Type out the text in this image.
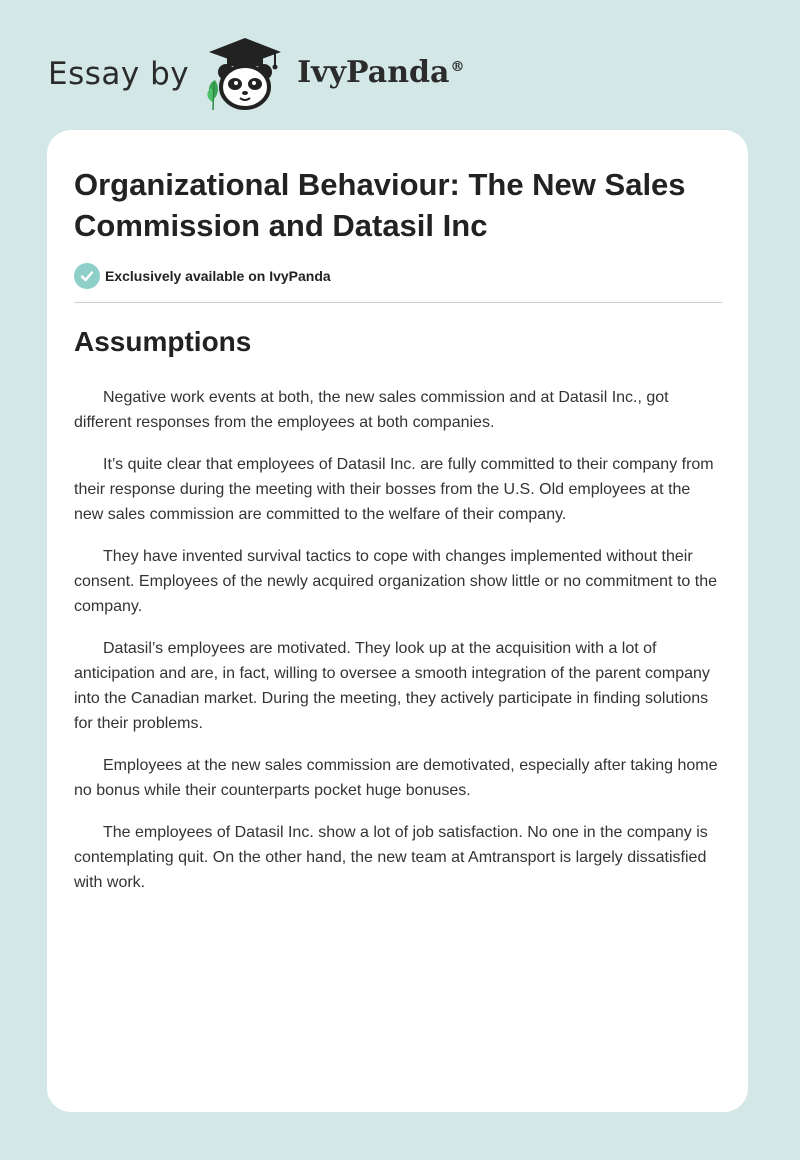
Essay by	IvyPanda®
Organizational Behaviour: The New Sales Commission and Datasil Inc
Exclusively available on IvyPanda
Assumptions

Negative work events at both, the new sales commission and at Datasil Inc., got different responses from the employees at both companies.

It’s quite clear that employees of Datasil Inc. are fully committed to their company from their response during the meeting with their bosses from the U.S. Old employees at the new sales commission are committed to the welfare of their company.

They have invented survival tactics to cope with changes implemented without their consent. Employees of the newly acquired organization show little or no commitment to the company.

Datasil’s employees are motivated. They look up at the acquisition with a lot of anticipation and are, in fact, willing to oversee a smooth integration of the parent company into the Canadian market. During the meeting, they actively participate in finding solutions for their problems.

Employees at the new sales commission are demotivated, especially after taking home no bonus while their counterparts pocket huge bonuses.

The employees of Datasil Inc. show a lot of job satisfaction. No one in the company is contemplating quit. On the other hand, the new team at Amtransport is largely dissatisfied with work.
